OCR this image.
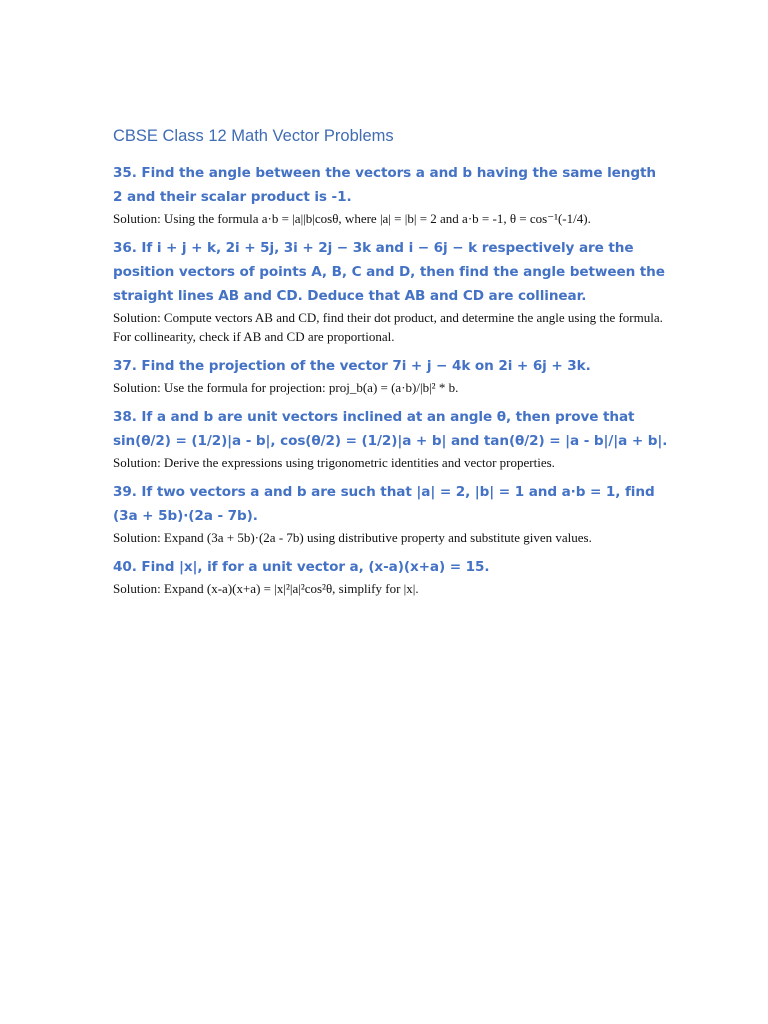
CBSE Class 12 Math Vector Problems

35. Find the angle between the vectors a and b having the same length 2 and their scalar product is -1.

Solution: Using the formula a·b = |a||b|cosθ, where |a| = |b| = 2 and a·b = -1, θ = cos⁻¹(-1/4).

36. If i + j + k, 2i + 5j, 3i + 2j − 3k and i − 6j − k respectively are the position vectors of points A, B, C and D, then find the angle between the straight lines AB and CD. Deduce that AB and CD are collinear.

Solution: Compute vectors AB and CD, find their dot product, and determine the angle using the formula. For collinearity, check if AB and CD are proportional.

37. Find the projection of the vector 7i + j − 4k on 2i + 6j + 3k.

Solution: Use the formula for projection: proj_b(a) = (a·b)/|b|² * b.

38. If a and b are unit vectors inclined at an angle θ, then prove that sin(θ/2) = (1/2)|a - b|, cos(θ/2) = (1/2)|a + b| and tan(θ/2) = |a - b|/|a + b|.

Solution: Derive the expressions using trigonometric identities and vector properties.

39. If two vectors a and b are such that |a| = 2, |b| = 1 and a·b = 1, find (3a + 5b)·(2a - 7b).

Solution: Expand (3a + 5b)·(2a - 7b) using distributive property and substitute given values.

40. Find |x|, if for a unit vector a, (x-a)(x+a) = 15.

Solution: Expand (x-a)(x+a) = |x|²|a|²cos²θ, simplify for |x|.
